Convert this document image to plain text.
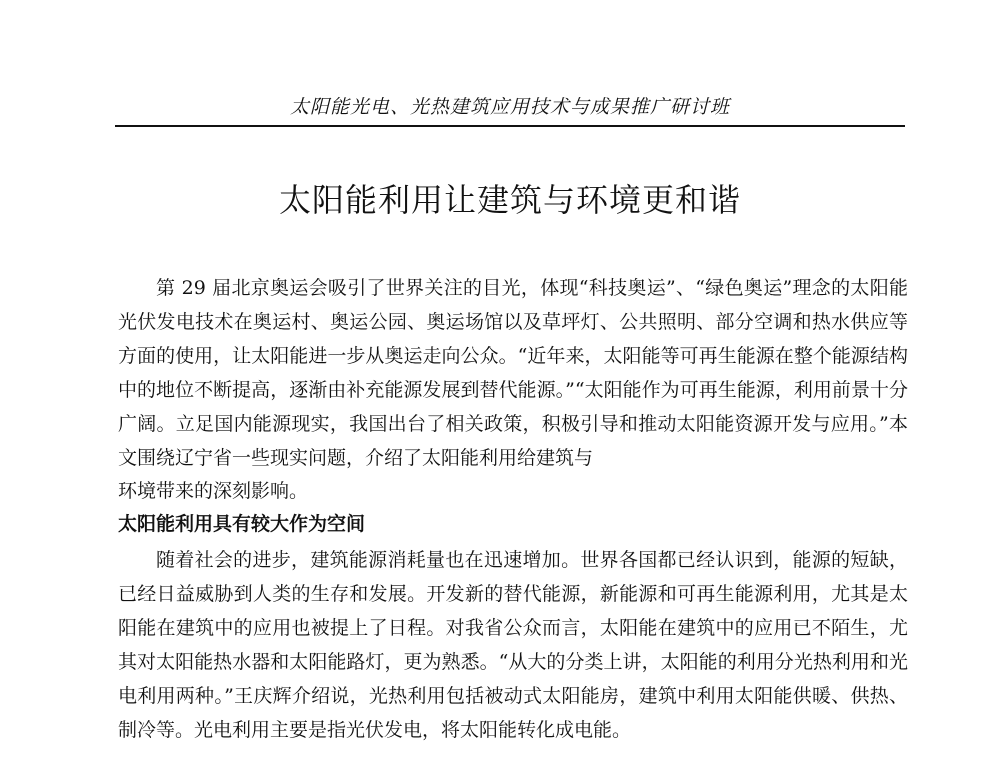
太阳能光电、光热建筑应用技术与成果推广研讨班
太阳能利用让建筑与环境更和谐

第 29 届北京奥运会吸引了世界关注的目光，体现“科技奥运”、“绿色奥运”理念的太阳能光伏发电技术在奥运村、奥运公园、奥运场馆以及草坪灯、公共照明、部分空调和热水供应等方面的使用，让太阳能进一步从奥运走向公众。“近年来，太阳能等可再生能源在整个能源结构中的地位不断提高，逐渐由补充能源发展到替代能源。”“太阳能作为可再生能源，利用前景十分广阔。立足国内能源现实，我国出台了相关政策，积极引导和推动太阳能资源开发与应用。”本文围绕辽宁省一些现实问题，介绍了太阳能利用给建筑与

环境带来的深刻影响。

太阳能利用具有较大作为空间

随着社会的进步，建筑能源消耗量也在迅速增加。世界各国都已经认识到，能源的短缺，已经日益威胁到人类的生存和发展。开发新的替代能源，新能源和可再生能源利用，尤其是太阳能在建筑中的应用也被提上了日程。对我省公众而言，太阳能在建筑中的应用已不陌生，尤其对太阳能热水器和太阳能路灯，更为熟悉。“从大的分类上讲，太阳能的利用分光热利用和光电利用两种。”王庆辉介绍说，光热利用包括被动式太阳能房，建筑中利用太阳能供暖、供热、制冷等。光电利用主要是指光伏发电，将太阳能转化成电能。
